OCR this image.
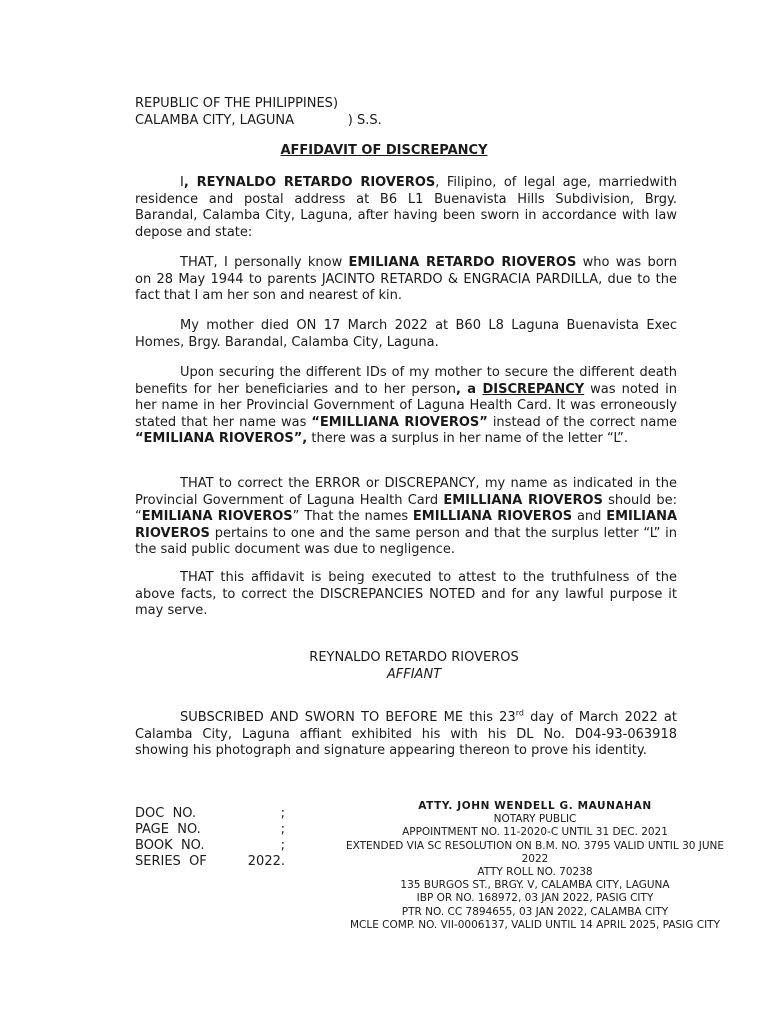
REPUBLIC OF THE PHILIPPINES)
CALAMBA CITY, LAGUNA             ) S.S.
AFFIDAVIT OF DISCREPANCY

I, REYNALDO RETARDO RIOVEROS, Filipino, of legal age, marriedwith residence and postal address at B6 L1 Buenavista Hills Subdivision, Brgy. Barandal, Calamba City, Laguna, after having been sworn in accordance with law depose and state:

THAT, I personally know EMILIANA RETARDO RIOVEROS who was born on 28 May 1944 to parents JACINTO RETARDO & ENGRACIA PARDILLA, due to the fact that I am her son and nearest of kin.

My mother died ON 17 March 2022 at B60 L8 Laguna Buenavista Exec Homes, Brgy. Barandal, Calamba City, Laguna.

Upon securing the different IDs of my mother to secure the different death benefits for her beneficiaries and to her person, a DISCREPANCY was noted in her name in her Provincial Government of Laguna Health Card. It was erroneously stated that her name was “EMILLIANA RIOVEROS” instead of the correct name “EMILIANA RIOVEROS”, there was a surplus in her name of the letter “L”.

THAT to correct the ERROR or DISCREPANCY, my name as indicated in the Provincial Government of Laguna Health Card EMILLIANA RIOVEROS should be: “EMILIANA RIOVEROS” That the names EMILLIANA RIOVEROS and EMILIANA RIOVEROS pertains to one and the same person and that the surplus letter “L” in the said public document was due to negligence.

THAT this affidavit is being executed to attest to the truthfulness of the above facts, to correct the DISCREPANCIES NOTED and for any lawful purpose it may serve.

REYNALDO RETARDO RIOVEROS
AFFIANT

SUBSCRIBED AND SWORN TO BEFORE ME this 23rd day of March 2022 at Calamba City, Laguna affiant exhibited his with his DL No. D04-93-063918 showing his photograph and signature appearing thereon to prove his identity.

DOC  NO.	;
PAGE  NO.	;
BOOK  NO.	;
SERIES  OF	2022.
ATTY. JOHN WENDELL G. MAUNAHAN
NOTARY PUBLIC
APPOINTMENT NO. 11-2020-C UNTIL 31 DEC. 2021
EXTENDED VIA SC RESOLUTION ON B.M. NO. 3795 VALID UNTIL 30 JUNE 2022
ATTY ROLL NO. 70238
135 BURGOS ST., BRGY. V, CALAMBA CITY, LAGUNA
IBP OR NO. 168972, 03 JAN 2022, PASIG CITY
PTR NO. CC 7894655, 03 JAN 2022, CALAMBA CITY
MCLE COMP. NO. VII-0006137, VALID UNTIL 14 APRIL 2025, PASIG CITY
